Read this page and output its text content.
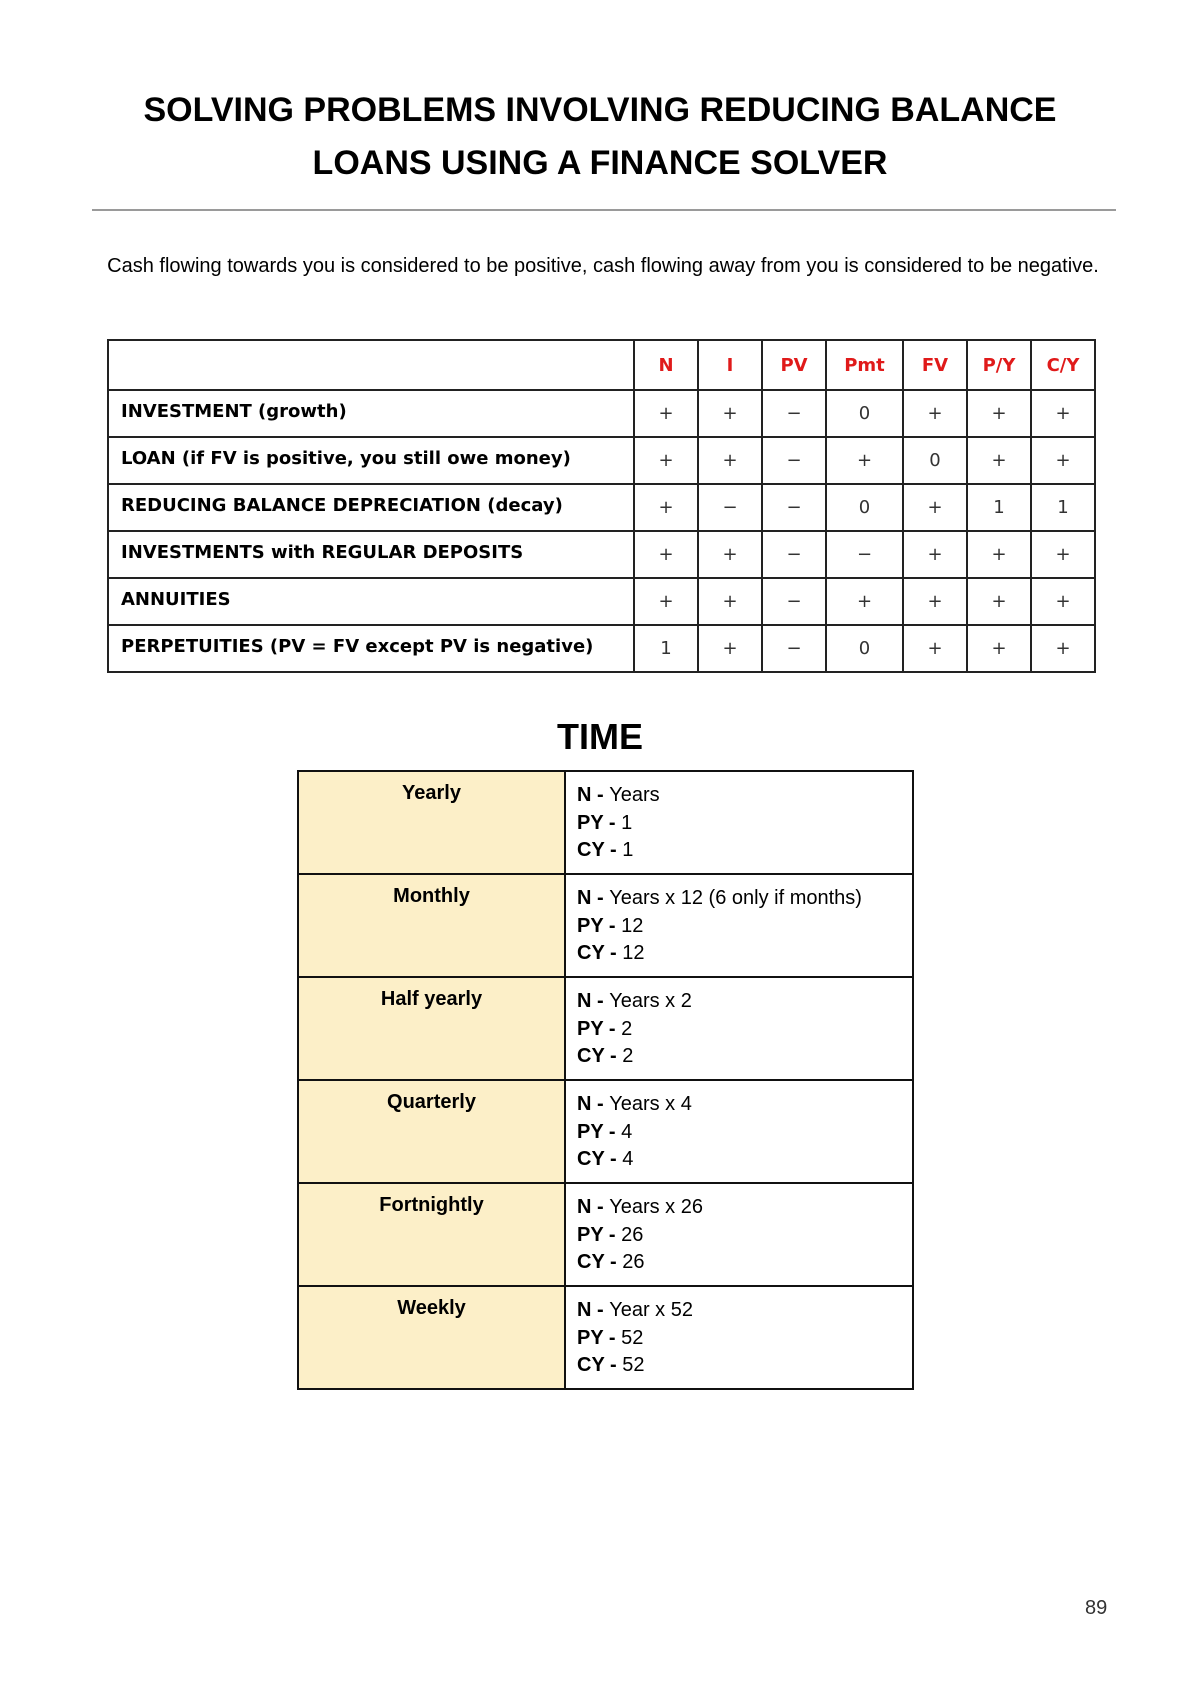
SOLVING PROBLEMS INVOLVING REDUCING BALANCE
LOANS USING A FINANCE SOLVER

Cash flowing towards you is considered to be positive, cash flowing away from you is considered to be negative.

	N	I	PV	Pmt	FV	P/Y	C/Y
INVESTMENT (growth)	+	+	−	0	+	+	+
LOAN (if FV is positive, you still owe money)	+	+	−	+	0	+	+
REDUCING BALANCE DEPRECIATION (decay)	+	−	−	0	+	1	1
INVESTMENTS with REGULAR DEPOSITS	+	+	−	−	+	+	+
ANNUITIES	+	+	−	+	+	+	+
PERPETUITIES (PV = FV except PV is negative)	1	+	−	0	+	+	+
TIME
Yearly	N - Years
PY - 1
CY - 1

Monthly	N - Years x 12 (6 only if months)
PY - 12
CY - 12

Half yearly	N - Years x 2
PY - 2
CY - 2

Quarterly	N - Years x 4
PY - 4
CY - 4

Fortnightly	N - Years x 26
PY - 26
CY - 26

Weekly	N - Year x 52
PY - 52
CY - 52

89
